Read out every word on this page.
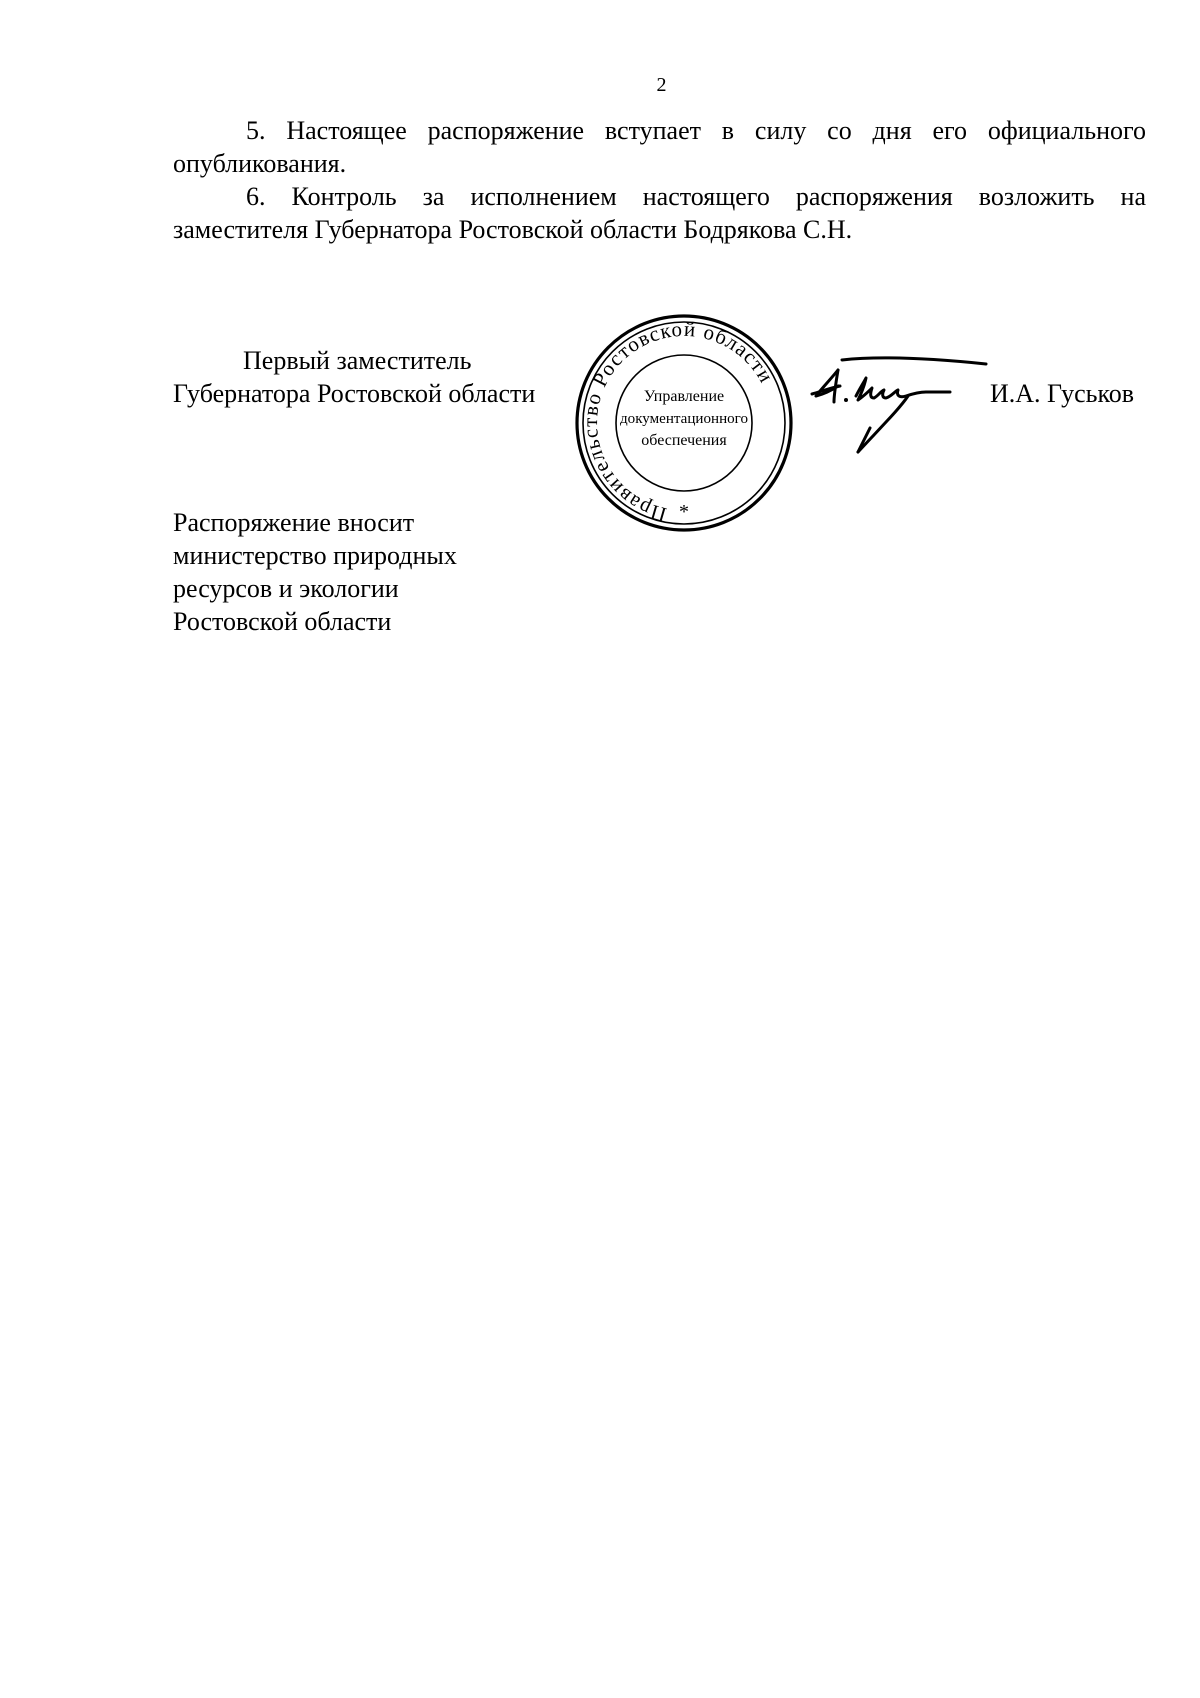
2

5. Настоящее распоряжение вступает в силу со дня его официального опубликования.

6. Контроль за исполнением настоящего распоряжения возложить на заместителя Губернатора Ростовской области Бодрякова С.Н.

Первый заместитель
Губернатора Ростовской области
Правительство Ростовской области
Управление
документационного
обеспечения
*
И.А. Гуськов
Распоряжение вносит
министерство природных
ресурсов и экологии
Ростовской области
